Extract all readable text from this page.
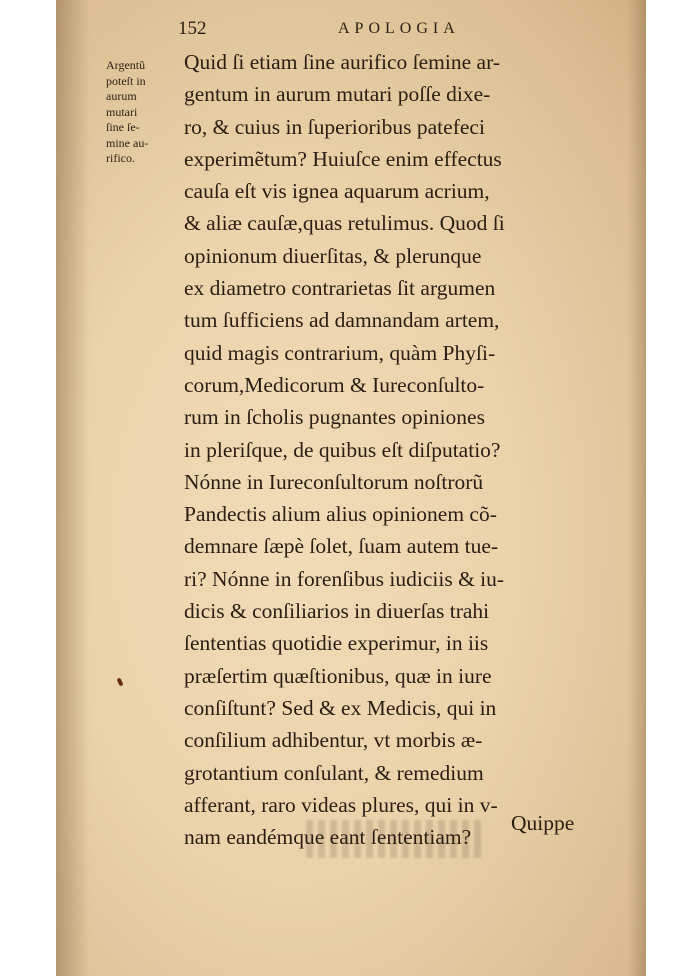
152	APOLOGIA
Argentũ
poteſt in
aurum
mutari
ſine ſe-
mine au-
rifico.
Quid ſi etiam ſine aurifico ſemine ar-
gentum in aurum mutari poſſe dixe-
ro, & cuius in ſuperioribus patefeci
experimẽtum? Huiuſce enim effectus
cauſa eſt vis ignea aquarum acrium,
& aliæ cauſæ,quas retulimus. Quod ſi
opinionum diuerſitas, & plerunque
ex diametro contrarietas ſit argumen
tum ſufficiens ad damnandam artem,
quid magis contrarium, quàm Phyſi-
corum,Medicorum & Iureconſulto-
rum in ſcholis pugnantes opiniones
in pleriſque, de quibus eſt diſputatio?
Nónne in Iureconſultorum noſtrorũ
Pandectis alium alius opinionem cõ-
demnare ſæpè ſolet, ſuam autem tue-
ri? Nónne in forenſibus iudiciis & iu-
dicis & conſiliarios in diuerſas trahi
ſententias quotidie experimur, in iis
præſertim quæſtionibus, quæ in iure
conſiſtunt? Sed & ex Medicis, qui in
conſilium adhibentur, vt morbis æ-
grotantium conſulant, & remedium
afferant, raro videas plures, qui in v-
nam eandémque eant ſententiam?
Quippe
